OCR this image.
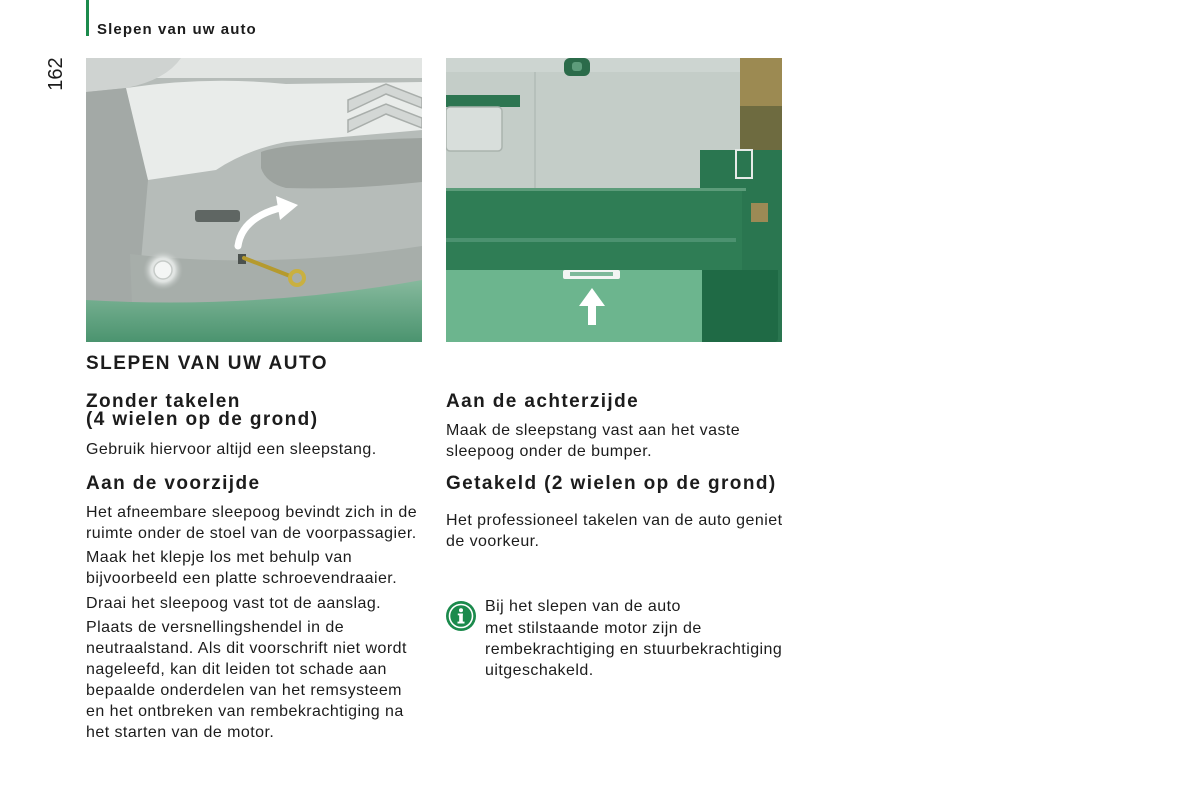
Slepen van uw auto
162
SLEPEN VAN UW AUTO
Zonder takelen
(4 wielen op de grond)
Gebruik hiervoor altijd een sleepstang.
Aan de voorzijde
Het afneembare sleepoog bevindt zich in de
ruimte onder de stoel van de voorpassagier.
Maak het klepje los met behulp van
bijvoorbeeld een platte schroevendraaier.
Draai het sleepoog vast tot de aanslag.
Plaats de versnellingshendel in de
neutraalstand. Als dit voorschrift niet wordt
nageleefd, kan dit leiden tot schade aan
bepaalde onderdelen van het remsysteem
en het ontbreken van rembekrachtiging na
het starten van de motor.
Aan de achterzijde
Maak de sleepstang vast aan het vaste
sleepoog onder de bumper.
Getakeld (2 wielen op de grond)
Het professioneel takelen van de auto geniet
de voorkeur.
Bij het slepen van de auto
met stilstaande motor zijn de
rembekrachtiging en stuurbekrachtiging
uitgeschakeld.
